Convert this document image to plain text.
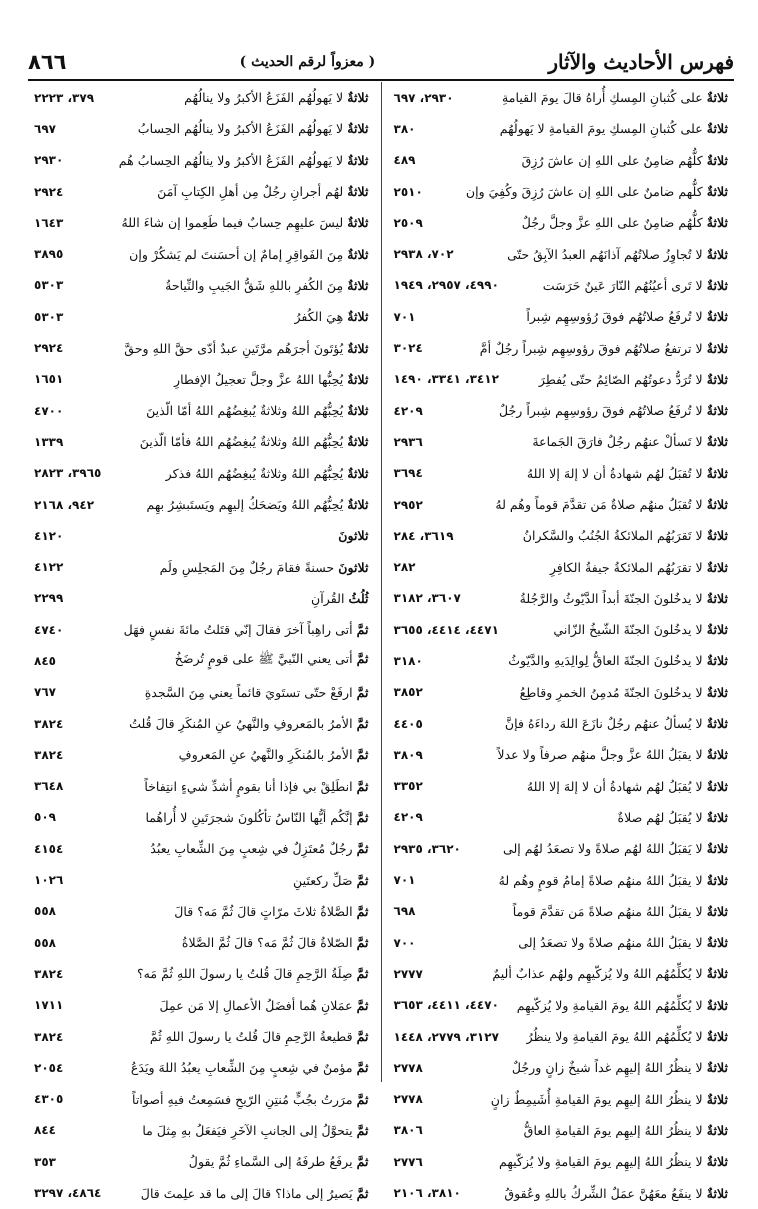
فهرس الأحاديث والآثار
( معزواً لرقم الحديث )
٨٦٦
ثلاثةٌ على كُثبانِ المِسكِ أُراهُ قالَ يومَ القيامةِ
٢٩٣٠، ٦٩٧
ثلاثةٌ على كُثبانِ المِسكِ يومَ القيامةِ لا يَهولُهُم
٣٨٠
ثلاثةٌ كلُّهُم ضامِنٌ على اللهِ إن عاشَ رُزِقَ
٤٨٩
ثلاثةٌ كلُّهم ضامنٌ على اللهِ إن عاشَ رُزِقَ وكُفِيَ وإن
٢٥١٠
ثلاثةٌ كلُّهُم ضامِنٌ على اللهِ عزَّ وجلَّ رجُلٌ
٢٥٠٩
ثلاثةٌ لا تُجاوِزُ صلاتُهُم آذانَهُم العبدُ الآبِقُ حتّى
٧٠٢، ٢٩٣٨
ثلاثةٌ لا تَرى أعيُنُهُم النّارَ عَينٌ حَرَسَت
٤٩٩٠، ٢٩٥٧، ١٩٤٩
ثلاثةٌ لا تُرفَعُ صلاتُهُم فوقَ رُؤوسِهِم شِبراً
٧٠١
ثلاثةٌ لا ترتفعُ صلاتُهُم فوقَ رؤوسِهِم شِبراً رجُلٌ أمَّ
٣٠٢٤
ثلاثةٌ لا تُرَدُّ دعوتُهُم الصّائِمُ حتّى يُفطِرَ
٣٤١٢، ٣٣٤١، ١٤٩٠
ثلاثةٌ لا تُرفَعُ صلاتُهُم فوقَ رؤوسِهِم شِبراً رجُلٌ
٤٢٠٩
ثلاثةٌ لا تَسألْ عنهُم رجُلٌ فارَقَ الجَماعةَ
٢٩٣٦
ثلاثةٌ لا تُقبَلُ لهُم شهادةُ أن لا إلهَ إلا اللهُ
٣٦٩٤
ثلاثةٌ لا تُقبَلُ منهُم صلاةٌ مَن تقدَّمَ قوماً وهُم لهُ
٢٩٥٢
ثلاثةٌ لا تَقرَبُهُم الملائكةُ الجُنُبُ والسَّكرانُ
٣٦١٩، ٢٨٤
ثلاثةٌ لا تقرَبُهُم الملائكةُ جيفةُ الكافِرِ
٢٨٢
ثلاثةٌ لا يدخُلونَ الجنّةَ أبداً الدَّيّوثُ والرَّجُلةُ
٣٦٠٧، ٣١٨٢
ثلاثةٌ لا يدخُلونَ الجنّةَ الشّيخُ الزّاني
٤٤٧١، ٤٤١٤، ٣٦٥٥
ثلاثةٌ لا يدخُلونَ الجنّةَ العاقُّ لِوالِدَيهِ والدَّيّوثُ
٣١٨٠
ثلاثةٌ لا يدخُلونَ الجنّةَ مُدمِنُ الخمرِ وقاطِعُ
٣٨٥٢
ثلاثةٌ لا يُسألُ عنهُم رجُلٌ نازَعَ اللهَ رداءَهُ فإنَّ
٤٤٠٥
ثلاثةٌ لا يقبَلُ اللهُ عزَّ وجلَّ منهُم صرفاً ولا عدلاً
٣٨٠٩
ثلاثةٌ لا يُقبَلُ لهُم شهادةُ أن لا إلهَ إلا اللهُ
٣٣٥٢
ثلاثةٌ لا يُقبَلُ لهُم صلاةٌ
٤٢٠٩
ثلاثةٌ لا يَقبَلُ اللهُ لهُم صلاةً ولا تصعَدُ لهُم إلى
٣٦٢٠، ٢٩٣٥
ثلاثةٌ لا يقبَلُ اللهُ منهُم صلاةً إمامُ قومٍ وهُم لهُ
٧٠١
ثلاثةٌ لا يقبَلُ اللهُ منهُم صلاةً مَن تقدَّمَ قوماً
٦٩٨
ثلاثةٌ لا يقبَلُ اللهُ منهُم صلاةً ولا تصعَدُ إلى
٧٠٠
ثلاثةٌ لا يُكلِّمُهُم اللهُ ولا يُزكّيهِم ولهُم عذابٌ أليمٌ
٢٧٧٧
ثلاثةٌ لا يُكلِّمُهُم اللهُ يومَ القيامةِ ولا يُزكّيهِم
٤٤٧٠، ٤٤١١، ٣٦٥٣
ثلاثةٌ لا يُكلِّمُهُم اللهُ يومَ القيامةِ ولا ينظُرُ
٣١٢٧، ٢٧٧٩، ١٤٤٨
ثلاثةٌ لا ينظُرُ اللهُ إليهِم غداً شيخٌ زانٍ ورجُلٌ
٢٧٧٨
ثلاثةٌ لا ينظُرُ اللهُ إليهِم يومَ القيامةِ أُشَيمِطٌ زانٍ
٢٧٧٨
ثلاثةٌ لا ينظُرُ اللهُ إليهِم يومَ القيامةِ العاقُّ
٣٨٠٦
ثلاثةٌ لا ينظُرُ اللهُ إليهِم يومَ القيامةِ ولا يُزكّيهِم
٢٧٧٦
ثلاثةٌ لا ينفَعُ معَهُنَّ عمَلٌ الشِّركُ باللهِ وعُقوقُ
٣٨١٠، ٢١٠٦
ثلاثةٌ لا يَهولُهُم الفَزَعُ الأكبرُ ولا ينالُهُم
٣٧٩، ٢٢٢٣
ثلاثةٌ لا يَهولُهُم الفَزَعُ الأكبرُ ولا ينالُهُم الحِسابُ
٦٩٧
ثلاثةٌ لا يَهولُهُم الفَزَعُ الأكبرُ ولا ينالُهُم الحِسابُ هُم
٢٩٣٠
ثلاثةٌ لهُم أجرانِ رجُلٌ مِن أهلِ الكِتابِ آمَنَ
٢٩٢٤
ثلاثةٌ ليسَ عليهِم حِسابٌ فيما طَعِموا إن شاءَ اللهُ
١٦٤٣
ثلاثةٌ مِنَ الفَواقِرِ إمامٌ إن أحسَنتَ لم يَشكُرْ وإن
٣٨٩٥
ثلاثةٌ مِنَ الكُفرِ باللهِ شَقُّ الجَيبِ والنِّياحةُ
٥٣٠٣
ثلاثةٌ هِيَ الكُفرُ
٥٣٠٣
ثلاثةٌ يُؤتَونَ أجرَهُم مرَّتَينِ عبدٌ أدّى حقَّ اللهِ وحقَّ
٢٩٢٤
ثلاثةٌ يُحِبُّها اللهُ عزَّ وجلَّ تعجيلُ الإفطارِ
١٦٥١
ثلاثةٌ يُحِبُّهُم اللهُ وثلاثةٌ يُبغِضُهُم اللهُ أمّا الّذينَ
٤٧٠٠
ثلاثةٌ يُحِبُّهُم اللهُ وثلاثةٌ يُبغِضُهُم اللهُ فأمّا الّذينَ
١٣٣٩
ثلاثةٌ يُحِبُّهُم اللهُ وثلاثةٌ يُبغِضُهُم اللهُ فذكر
٣٩٦٥، ٢٨٢٣
ثلاثةٌ يُحِبُّهُم اللهُ ويَضحَكُ إليهِم ويَستَبشِرُ بهِم
٩٤٢، ٢١٦٨
ثلاثونَ
٤١٢٠
ثلاثونَ حسنةً فقامَ رجُلٌ مِنَ المَجلِسِ ولَم
٤١٢٢
ثُلُثُ القُرآنِ
٢٢٩٩
ثمَّ أتى راهِباً آخرَ فقالَ إنّي قتَلتُ مائةَ نفسٍ فهَل
٤٧٤٠
ثمَّ أتى يعني النّبيَّ ﷺ على قومٍ تُرضَخُ
٨٤٥
ثمَّ ارفَعْ حتّى تستَويَ قائماً يعني مِنَ السَّجدةِ
٧٦٧
ثمَّ الأمرُ بالمَعروفِ والنَّهيُ عنِ المُنكَرِ قالَ قُلتُ
٣٨٢٤
ثمَّ الأمرُ بالمُنكَرِ والنَّهيُ عنِ المَعروفِ
٣٨٢٤
ثمَّ انطَلِقْ بي فإذا أنا بقومٍ أشدِّ شيءٍ انتِفاخاً
٣٦٤٨
ثمَّ إنَّكُم أيُّها النّاسُ تأكُلونَ شجرَتَينِ لا أُراهُما
٥٠٩
ثمَّ رجُلٌ مُعتَزِلٌ في شِعبٍ مِنَ الشِّعابِ يعبُدُ
٤١٥٤
ثمَّ صَلِّ ركعتَينِ
١٠٢٦
ثمَّ الصَّلاةُ ثلاثَ مرّاتٍ قالَ ثُمَّ مَه؟ قالَ
٥٥٨
ثمَّ الصّلاةُ قالَ ثُمَّ مَه؟ قالَ ثُمَّ الصَّلاةُ
٥٥٨
ثمَّ صِلَةُ الرَّحِمِ قالَ قُلتُ يا رسولَ اللهِ ثُمَّ مَه؟
٣٨٢٤
ثمَّ عمَلانِ هُما أفضَلُ الأعمالِ إلا مَن عمِلَ
١٧١١
ثمَّ قطيعةُ الرَّحِمِ قالَ قُلتُ يا رسولَ اللهِ ثُمَّ
٣٨٢٤
ثمَّ مؤمنٌ في شِعبٍ مِنَ الشِّعابِ يعبُدُ اللهَ ويَدَعُ
٢٠٥٤
ثمَّ مرَرتُ بجُبٍّ مُنتِنِ الرّيحِ فسَمِعتُ فيهِ أصواتاً
٤٣٠٥
ثمَّ يتحوَّلُ إلى الجانبِ الآخَرِ فيَفعَلُ بهِ مِثلَ ما
٨٤٤
ثمَّ يرفَعُ طرفَهُ إلى السَّماءِ ثُمَّ يقولُ
٣٥٣
ثمَّ يَصيرُ إلى ماذا؟ قالَ إلى ما قد علِمتَ قالَ
٤٨٦٤، ٣٢٩٧
